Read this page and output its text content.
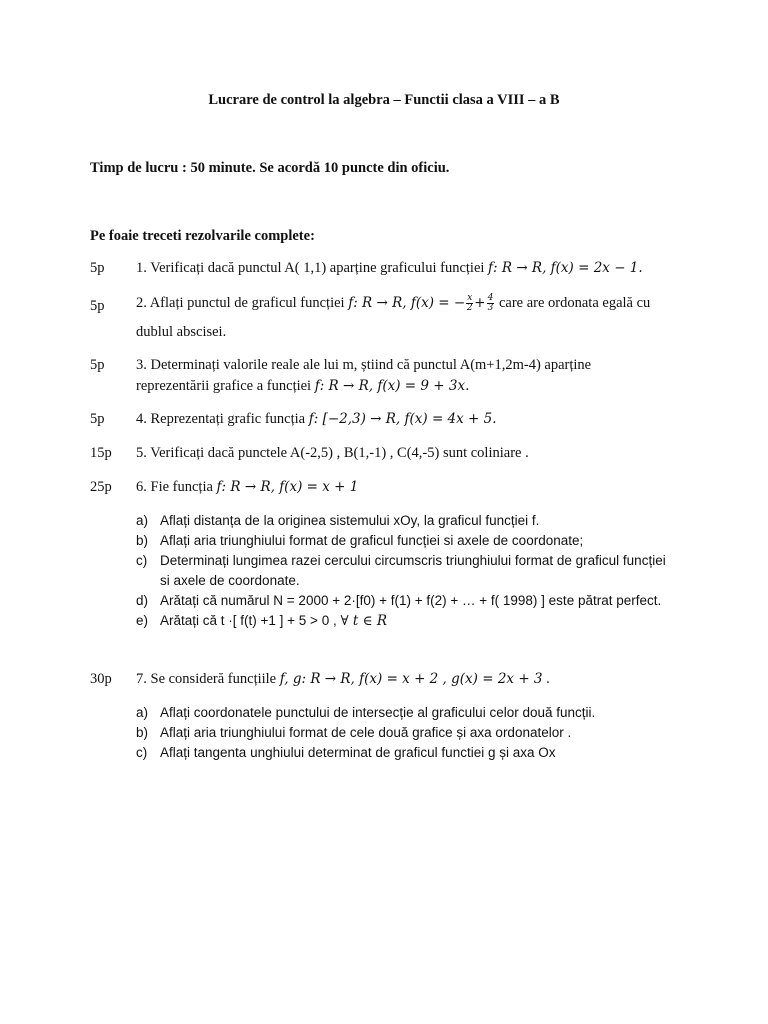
Lucrare de control la algebra – Functii clasa a VIII – a B
Timp de lucru : 50 minute. Se acordă 10 puncte din oficiu.
Pe foaie treceti rezolvarile complete:
5p 1. Verificați dacă punctul A( 1,1) aparține graficului funcției f: R → R, f(x) = 2x − 1.
5p 2. Aflați punctul de graficul funcției f: R → R, f(x) = − $\frac{x}{2} + \frac{4}{3}$ care are ordonata egală cu
dublul abscisei.
5p 3. Determinați valorile reale ale lui m, știind că punctul A(m+1,2m-4) aparține
reprezentării grafice a funcției f: R → R, f(x) = 9 + 3x.
5p 4. Reprezentați grafic funcția f: [−2,3) → R, f(x) = 4x + 5.
15p 5. Verificați dacă punctele A(-2,5) , B(1,-1) , C(4,-5) sunt coliniare .
25p 6. Fie funcția f: R → R, f(x) = x + 1
a) Aflați distanța de la originea sistemului xOy, la graficul funcției f.
b) Aflați aria triunghiului format de graficul funcției si axele de coordonate;
c) Determinați lungimea razei cercului circumscris triunghiului format de graficul funcției si axele de coordonate.
d) Arătați că numărul N = 2000 + 2·[f0) + f(1) + f(2) + … + f( 1998) ] este pătrat perfect.
e) Arătați că t ·[ f(t) +1 ] + 5 > 0 , ∀ t ∈ R
30p 7. Se consideră funcțiile f, g: R → R, f(x) = x + 2 , g(x) = 2x + 3 .
a) Aflați coordonatele punctului de intersecție al graficului celor două funcții.
b) Aflați aria triunghiului format de cele două grafice și axa ordonatelor .
c) Aflați tangenta unghiului determinat de graficul functiei g și axa Ox
